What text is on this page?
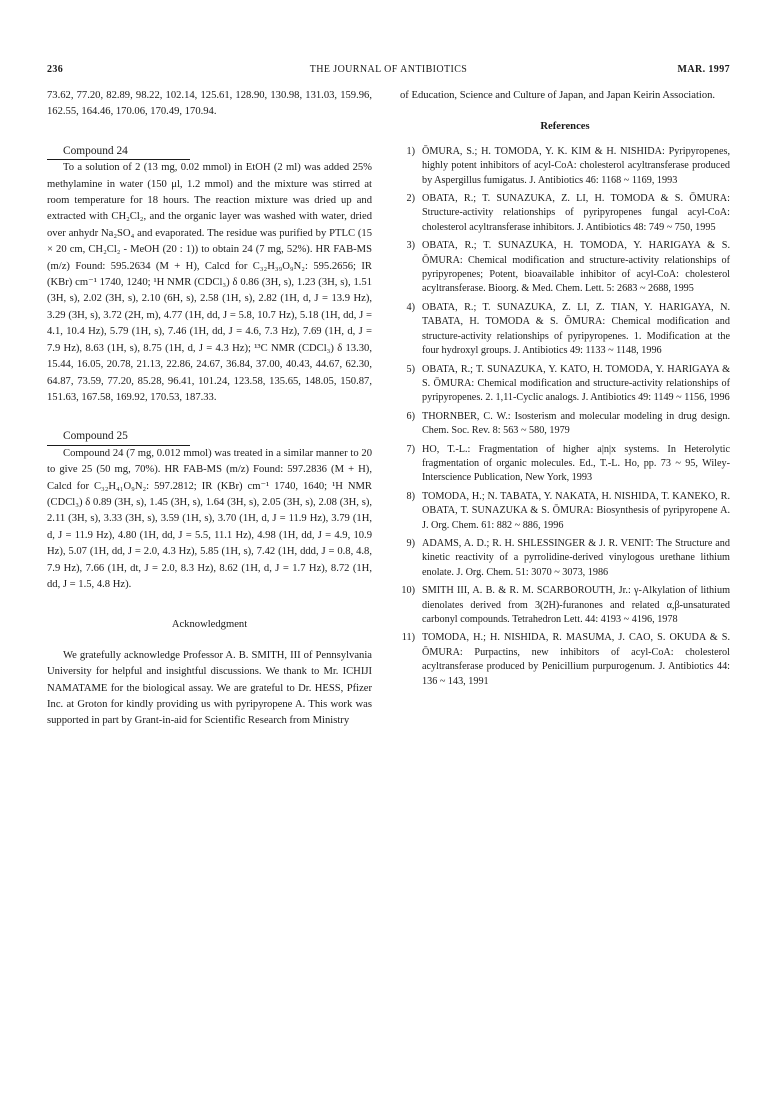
236	THE JOURNAL OF ANTIBIOTICS	MAR. 1997

73.62, 77.20, 82.89, 98.22, 102.14, 125.61, 128.90, 130.98, 131.03, 159.96, 162.55, 164.46, 170.06, 170.49, 170.94.

Compound 24

To a solution of 2 (13 mg, 0.02 mmol) in EtOH (2 ml) was added 25% methylamine in water (150 μl, 1.2 mmol) and the mixture was stirred at room temperature for 18 hours. The reaction mixture was dried up and extracted with CH₂Cl₂, and the organic layer was washed with water, dried over anhydr Na₂SO₄ and evaporated. The residue was purified by PTLC (15 × 20 cm, CH₂Cl₂ - MeOH (20 : 1)) to obtain 24 (7 mg, 52%). HR FAB-MS (m/z) Found: 595.2634 (M + H), Calcd for C₃₂H₃₉O₉N₂: 595.2656; IR (KBr) cm⁻¹ 1740, 1240; ¹H NMR (CDCl₃) δ 0.86 (3H, s), 1.23 (3H, s), 1.51 (3H, s), 2.02 (3H, s), 2.10 (6H, s), 2.58 (1H, s), 2.82 (1H, d, J = 13.9 Hz), 3.29 (3H, s), 3.72 (2H, m), 4.77 (1H, dd, J = 5.8, 10.7 Hz), 5.18 (1H, dd, J = 4.1, 10.4 Hz), 5.79 (1H, s), 7.46 (1H, dd, J = 4.6, 7.3 Hz), 7.69 (1H, d, J = 7.9 Hz), 8.63 (1H, s), 8.75 (1H, d, J = 4.3 Hz); ¹³C NMR (CDCl₃) δ 13.30, 15.44, 16.05, 20.78, 21.13, 22.86, 24.67, 36.84, 37.00, 40.43, 44.67, 62.30, 64.87, 73.59, 77.20, 85.28, 96.41, 101.24, 123.58, 135.65, 148.05, 150.87, 151.63, 167.58, 169.92, 170.53, 187.33.

Compound 25

Compound 24 (7 mg, 0.012 mmol) was treated in a similar manner to 20 to give 25 (50 mg, 70%). HR FAB-MS (m/z) Found: 597.2836 (M + H), Calcd for C₃₂H₄₁O₉N₂: 597.2812; IR (KBr) cm⁻¹ 1740, 1640; ¹H NMR (CDCl₃) δ 0.89 (3H, s), 1.45 (3H, s), 1.64 (3H, s), 2.05 (3H, s), 2.08 (3H, s), 2.11 (3H, s), 3.33 (3H, s), 3.59 (1H, s), 3.70 (1H, d, J = 11.9 Hz), 3.79 (1H, d, J = 11.9 Hz), 4.80 (1H, dd, J = 5.5, 11.1 Hz), 4.98 (1H, dd, J = 4.9, 10.9 Hz), 5.07 (1H, dd, J = 2.0, 4.3 Hz), 5.85 (1H, s), 7.42 (1H, ddd, J = 0.8, 4.8, 7.9 Hz), 7.66 (1H, dt, J = 2.0, 8.3 Hz), 8.62 (1H, d, J = 1.7 Hz), 8.72 (1H, dd, J = 1.5, 4.8 Hz).

Acknowledgment

We gratefully acknowledge Professor A. B. SMITH, III of Pennsylvania University for helpful and insightful discussions. We thank to Mr. ICHIJI NAMATAME for the biological assay. We are grateful to Dr. HESS, Pfizer Inc. at Groton for kindly providing us with pyripyropene A. This work was supported in part by Grant-in-aid for Scientific Research from Ministry

of Education, Science and Culture of Japan, and Japan Keirin Association.

References
1) ŌMURA, S.; H. TOMODA, Y. K. KIM & H. NISHIDA: Pyripyropenes, highly potent inhibitors of acyl-CoA: cholesterol acyltransferase produced by Aspergillus fumigatus. J. Antibiotics 46: 1168 ~ 1169, 1993
2) OBATA, R.; T. SUNAZUKA, Z. LI, H. TOMODA & S. ŌMURA: Structure-activity relationships of pyripyropenes fungal acyl-CoA: cholesterol acyltransferase inhibitors. J. Antibiotics 48: 749 ~ 750, 1995
3) OBATA, R.; T. SUNAZUKA, H. TOMODA, Y. HARIGAYA & S. ŌMURA: Chemical modification and structure-activity relationships of pyripyropenes; Potent, bioavailable inhibitor of acyl-CoA: cholesterol acyltransferase. Bioorg. & Med. Chem. Lett. 5: 2683 ~ 2688, 1995
4) OBATA, R.; T. SUNAZUKA, Z. LI, Z. TIAN, Y. HARIGAYA, N. TABATA, H. TOMODA & S. ŌMURA: Chemical modification and structure-activity relationships of pyripyropenes. 1. Modification at the four hydroxyl groups. J. Antibiotics 49: 1133 ~ 1148, 1996
5) OBATA, R.; T. SUNAZUKA, Y. KATO, H. TOMODA, Y. HARIGAYA & S. ŌMURA: Chemical modification and structure-activity relationships of pyripyropenes. 2. 1,11-Cyclic analogs. J. Antibiotics 49: 1149 ~ 1156, 1996
6) THORNBER, C. W.: Isosterism and molecular modeling in drug design. Chem. Soc. Rev. 8: 563 ~ 580, 1979
7) HO, T.-L.: Fragmentation of higher a|n|x systems. In Heterolytic fragmentation of organic molecules. Ed., T.-L. Ho, pp. 73 ~ 95, Wiley-Interscience Publication, New York, 1993
8) TOMODA, H.; N. TABATA, Y. NAKATA, H. NISHIDA, T. KANEKO, R. OBATA, T. SUNAZUKA & S. ŌMURA: Biosynthesis of pyripyropene A. J. Org. Chem. 61: 882 ~ 886, 1996
9) ADAMS, A. D.; R. H. SHLESSINGER & J. R. VENIT: The Structure and kinetic reactivity of a pyrrolidine-derived vinylogous urethane lithium enolate. J. Org. Chem. 51: 3070 ~ 3073, 1986
10) SMITH III, A. B. & R. M. SCARBOROUTH, Jr.: γ-Alkylation of lithium dienolates derived from 3(2H)-furanones and related α,β-unsaturated carbonyl compounds. Tetrahedron Lett. 44: 4193 ~ 4196, 1978
11) TOMODA, H.; H. NISHIDA, R. MASUMA, J. CAO, S. OKUDA & S. ŌMURA: Purpactins, new inhibitors of acyl-CoA: cholesterol acyltransferase produced by Penicillium purpurogenum. J. Antibiotics 44: 136 ~ 143, 1991
